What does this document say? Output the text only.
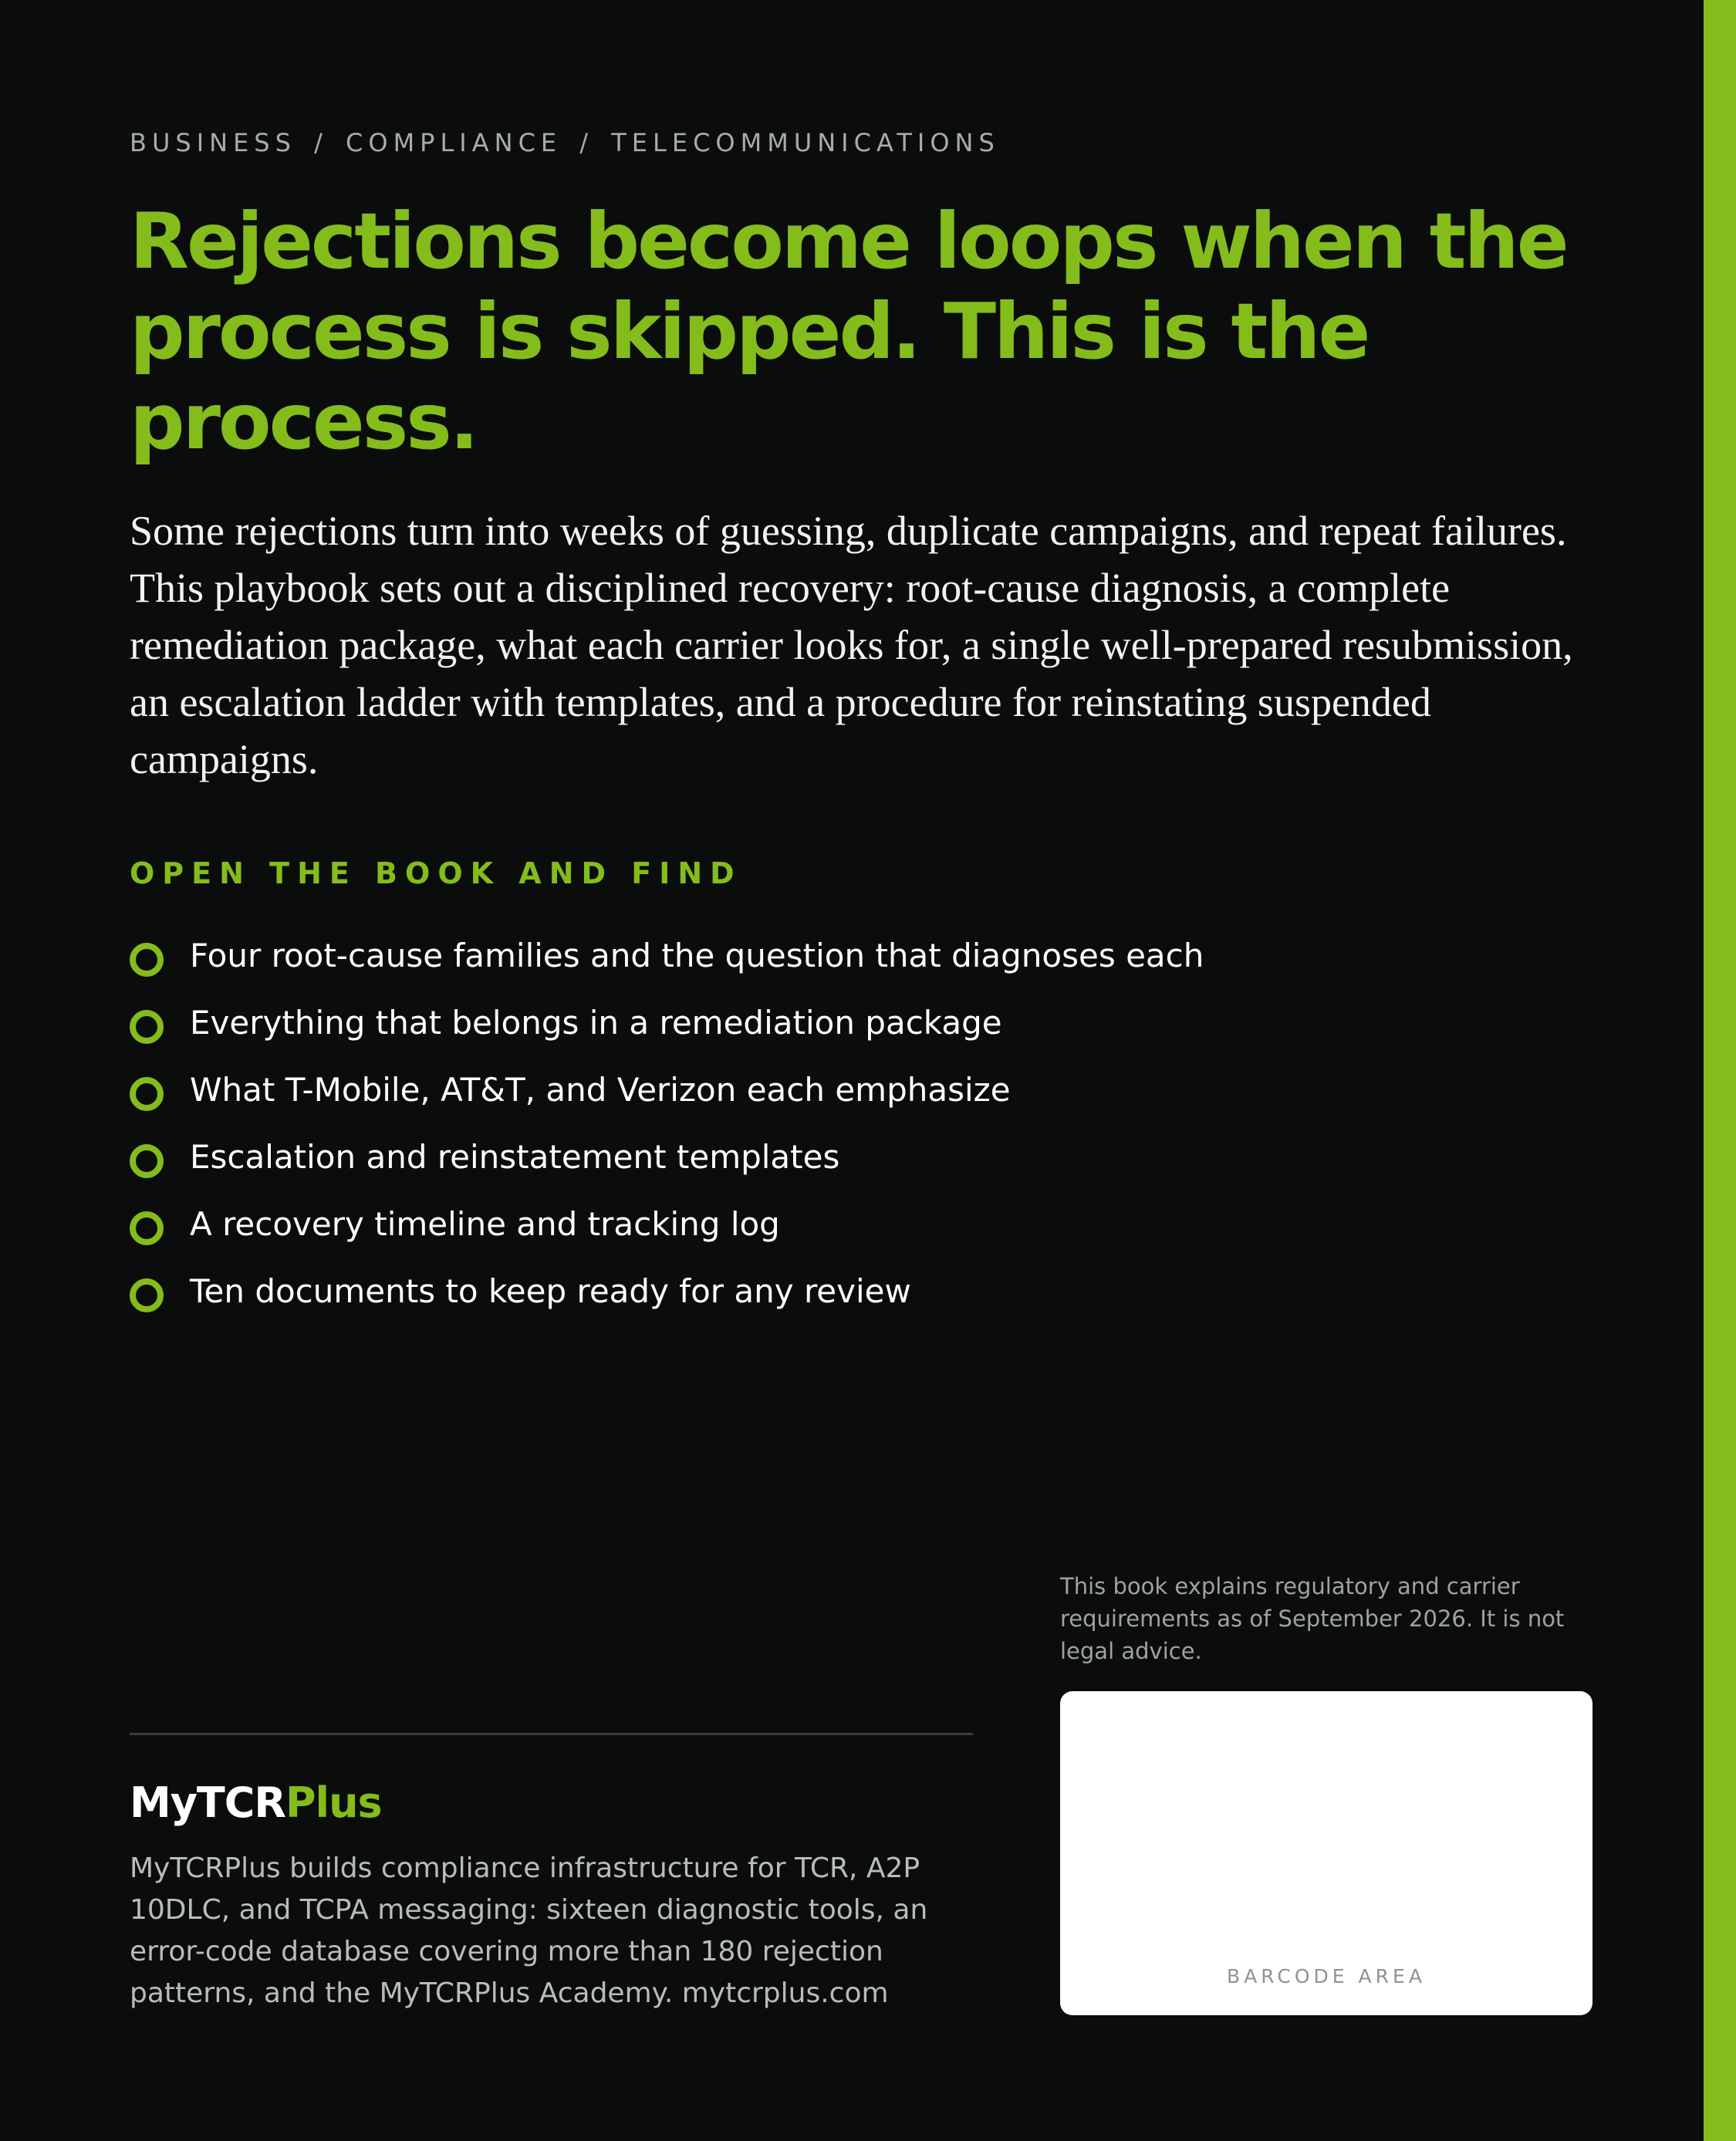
BUSINESS / COMPLIANCE / TELECOMMUNICATIONS
Rejections become loops when the process is skipped. This is the process.

Some rejections turn into weeks of guessing, duplicate campaigns, and repeat failures. This playbook sets out a disciplined recovery: root-cause diagnosis, a complete remediation package, what each carrier looks for, a single well-prepared resubmission, an escalation ladder with templates, and a procedure for reinstating suspended campaigns.

OPEN THE BOOK AND FIND
Four root-cause families and the question that diagnoses each
Everything that belongs in a remediation package
What T-Mobile, AT&T, and Verizon each emphasize
Escalation and reinstatement templates
A recovery timeline and tracking log
Ten documents to keep ready for any review

This book explains regulatory and carrier requirements as of September 2026. It is not legal advice.

MyTCRPlus

MyTCRPlus builds compliance infrastructure for TCR, A2P 10DLC, and TCPA messaging: sixteen diagnostic tools, an error-code database covering more than 180 rejection patterns, and the MyTCRPlus Academy. mytcrplus.com

BARCODE AREA
